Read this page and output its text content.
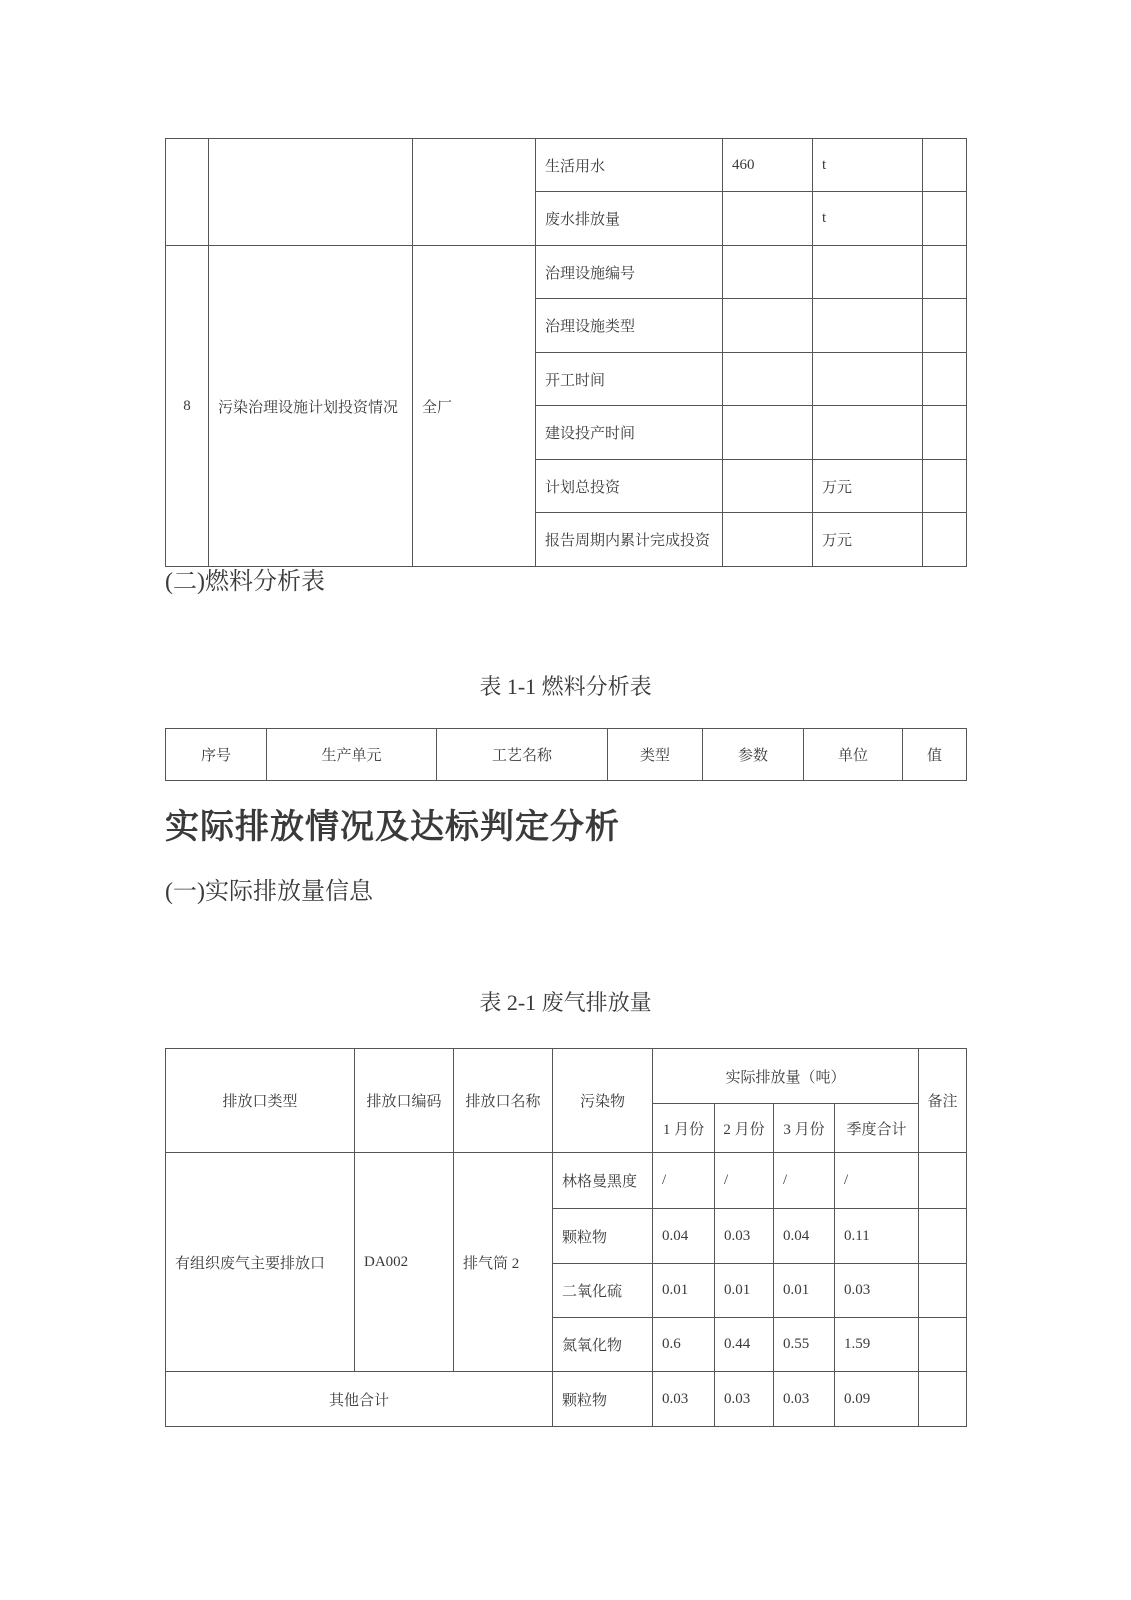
			生活用水	460	t	
			废水排放量		t	
8	污染治理设施计划投资情况	全厂	治理设施编号			
			治理设施类型			
			开工时间			
			建设投产时间			
			计划总投资		万元	
			报告周期内累计完成投资		万元	
(二)燃料分析表
表 1-1 燃料分析表
序号	生产单元	工艺名称	类型	参数	单位	值
实际排放情况及达标判定分析
(一)实际排放量信息
表 2-1 废气排放量
排放口类型	排放口编码	排放口名称	污染物	实际排放量（吨）				备注
				1 月份	2 月份	3 月份	季度合计	
有组织废气主要排放口	DA002	排气筒 2	林格曼黑度	/	/	/	/	
			颗粒物	0.04	0.03	0.04	0.11	
			二氧化硫	0.01	0.01	0.01	0.03	
			氮氧化物	0.6	0.44	0.55	1.59	
其他合计			颗粒物	0.03	0.03	0.03	0.09	
